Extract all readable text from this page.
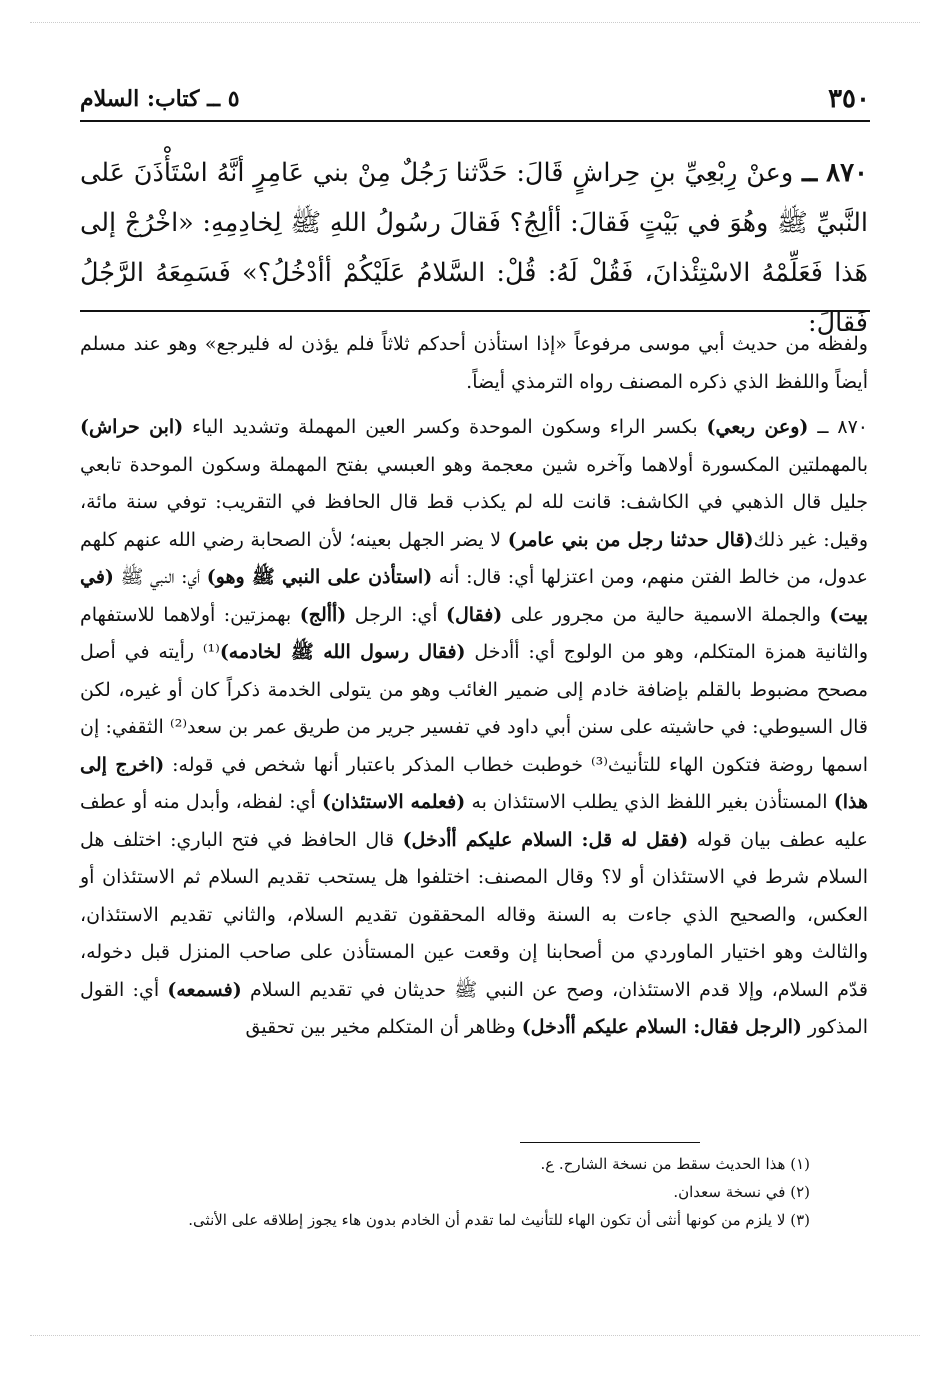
٣٥٠
٥ ــ كتاب: السلام
٨٧٠ ــ وعنْ رِبْعِيِّ بنِ حِراشٍ قَالَ: حَدَّثنا رَجُلٌ مِنْ بني عَامِرٍ أنَّهُ اسْتَأْذَنَ عَلى النَّبيِّ ﷺ وهُوَ في بَيْتٍ فَقالَ: أألِجُ؟ فَقالَ رسُولُ اللهِ ﷺ لِخادِمِهِ: «اخْرُجْ إلى هَذا فَعَلِّمْهُ الاسْتِئْذانَ، فَقُلْ لَهُ: قُلْ: السَّلامُ عَلَيْكُمْ أأدْخُلُ؟» فَسَمِعَهُ الرَّجُلُ فَقالَ:

ولفظه من حديث أبي موسى مرفوعاً «إذا استأذن أحدكم ثلاثاً فلم يؤذن له فليرجع» وهو عند مسلم أيضاً واللفظ الذي ذكره المصنف رواه الترمذي أيضاً.

٨٧٠ ــ (وعن ربعي) بكسر الراء وسكون الموحدة وكسر العين المهملة وتشديد الياء (ابن حراش) بالمهملتين المكسورة أولاهما وآخره شين معجمة وهو العبسي بفتح المهملة وسكون الموحدة تابعي جليل قال الذهبي في الكاشف: قانت لله لم يكذب قط قال الحافظ في التقريب: توفي سنة مائة، وقيل: غير ذلك(قال حدثنا رجل من بني عامر) لا يضر الجهل بعينه؛ لأن الصحابة رضي الله عنهم كلهم عدول، من خالط الفتن منهم، ومن اعتزلها أي: قال: أنه (استأذن على النبي ﷺ وهو) أي: النبي ﷺ (في بيت) والجملة الاسمية حالية من مجرور على (فقال) أي: الرجل (أألج) بهمزتين: أولاهما للاستفهام والثانية همزة المتكلم، وهو من الولوج أي: أأدخل (فقال رسول الله ﷺ لخادمه)⁽¹⁾ رأيته في أصل مصحح مضبوط بالقلم بإضافة خادم إلى ضمير الغائب وهو من يتولى الخدمة ذكراً كان أو غيره، لكن قال السيوطي: في حاشيته على سنن أبي داود في تفسير جرير من طريق عمر بن سعد⁽²⁾ الثقفي: إن اسمها روضة فتكون الهاء للتأنيث⁽³⁾ خوطبت خطاب المذكر باعتبار أنها شخص في قوله: (اخرج إلى هذا) المستأذن بغير اللفظ الذي يطلب الاستئذان به (فعلمه الاستئذان) أي: لفظه، وأبدل منه أو عطف عليه عطف بيان قوله (فقل له قل: السلام عليكم أأدخل) قال الحافظ في فتح الباري: اختلف هل السلام شرط في الاستئذان أو لا؟ وقال المصنف: اختلفوا هل يستحب تقديم السلام ثم الاستئذان أو العكس، والصحيح الذي جاءت به السنة وقاله المحققون تقديم السلام، والثاني تقديم الاستئذان، والثالث وهو اختيار الماوردي من أصحابنا إن وقعت عين المستأذن على صاحب المنزل قبل دخوله، قدّم السلام، وإلا قدم الاستئذان، وصح عن النبي ﷺ حديثان في تقديم السلام (فسمعه) أي: القول المذكور (الرجل فقال: السلام عليكم أأدخل) وظاهر أن المتكلم مخير بين تحقيق

(١) هذا الحديث سقط من نسخة الشارح. ع.
(٢) في نسخة سعدان.
(٣) لا يلزم من كونها أنثى أن تكون الهاء للتأنيث لما تقدم أن الخادم بدون هاء يجوز إطلاقه على الأنثى.
